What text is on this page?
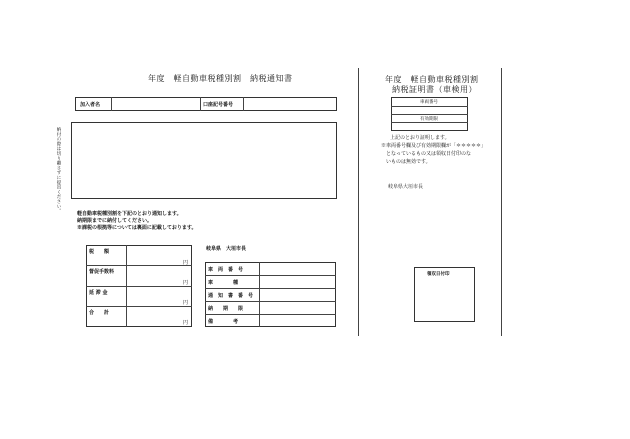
年度　軽自動車税種別割　納税通知書
加入者名	口座記号番号
納付の際は切り離さずに提出ください。
軽自動車税種別割を下記のとおり通知します。
納期限までに納付してください。
※課税の根拠等については裏面に記載しております。
岐阜県　大垣市長
税　　額
督促手数料
延 滞 金
合　　計
円
円
円
円
車　両　番　号
車　　　　種
通　知　書　番　号
納　　期　　限
備　　　　考
年度　軽自動車税種別割
納税証明書（車検用）
車両番号
有効期限
上記のとおり証明します。
※車両番号欄及び有効期限欄が「＊＊＊＊＊」
　となっているもの又は領収日付印のな
　いものは無効です。
岐阜県大垣市長
領収日付印
